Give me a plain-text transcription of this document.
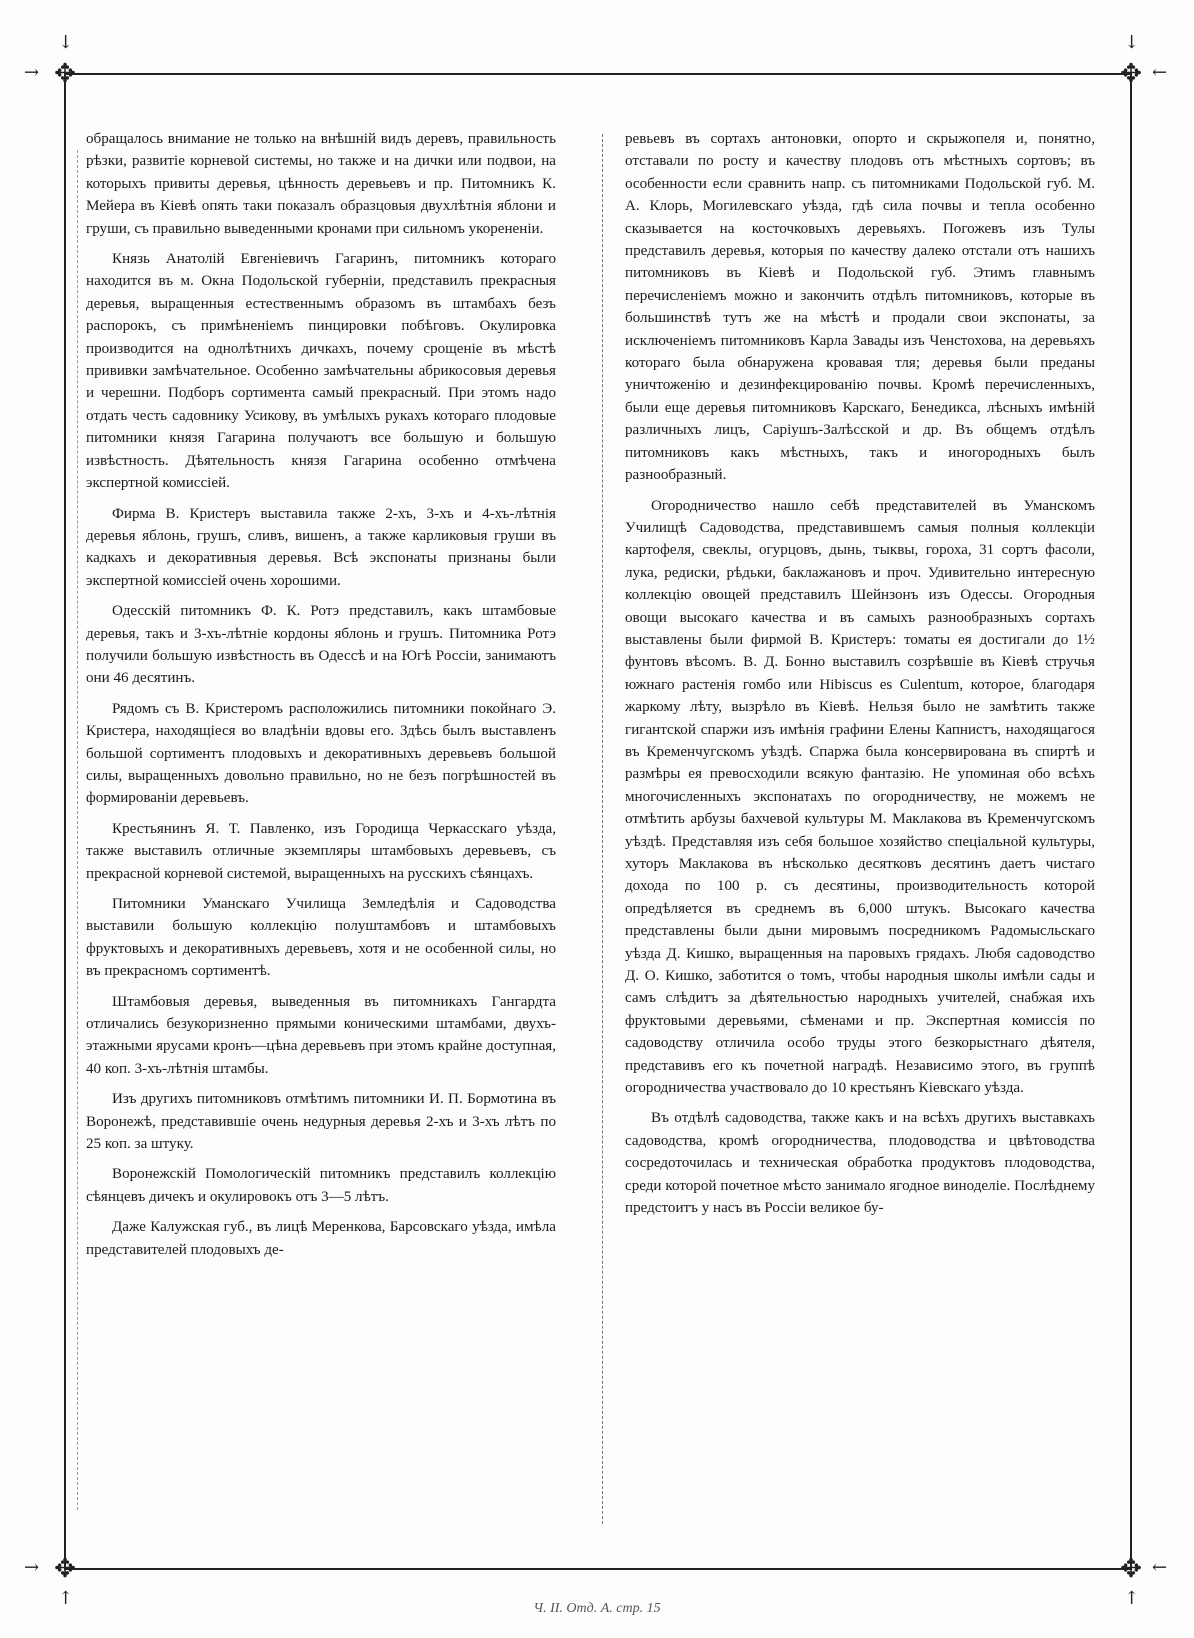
✥	✥
✥	✥
↓
→
↓
←
↑
→
↑
←

обращалось внимание не только на внѣшній видъ деревъ, правильность рѣзки, развитіе корневой системы, но также и на дички или подвои, на которыхъ привиты деревья, цѣнность деревьевъ и пр. Питомникъ К. Мейера въ Кіевѣ опять таки показалъ образцовыя двухлѣтнія яблони и груши, съ правильно выведенными кронами при сильномъ укорененіи.

Князь Анатолій Евгеніевичъ Гагаринъ, питомникъ котораго находится въ м. Окна Подольской губерніи, представилъ прекрасныя деревья, выращенныя естественнымъ образомъ въ штамбахъ безъ распорокъ, съ примѣненіемъ пинцировки побѣговъ. Окулировка производится на однолѣтнихъ дичкахъ, почему срощеніе въ мѣстѣ прививки замѣчательное. Особенно замѣчательны абрикосовыя деревья и черешни. Подборъ сортимента самый прекрасный. При этомъ надо отдать честь садовнику Усикову, въ умѣлыхъ рукахъ котораго плодовые питомники князя Гагарина получаютъ все большую и большую извѣстность. Дѣятельность князя Гагарина особенно отмѣчена экспертной комиссіей.

Фирма В. Кристеръ выставила также 2-хъ, 3-хъ и 4-хъ-лѣтнія деревья яблонь, грушъ, сливъ, вишенъ, а также карликовыя груши въ кадкахъ и декоративныя деревья. Всѣ экспонаты признаны были экспертной комиссіей очень хорошими.

Одесскій питомникъ Ф. К. Ротэ представилъ, какъ штамбовые деревья, такъ и 3-хъ-лѣтніе кордоны яблонь и грушъ. Питомника Ротэ получили большую извѣстность въ Одессѣ и на Югѣ Россіи, занимаютъ они 46 десятинъ.

Рядомъ съ В. Кристеромъ расположились питомники покойнаго Э. Кристера, находящіеся во владѣніи вдовы его. Здѣсь былъ выставленъ большой сортиментъ плодовыхъ и декоративныхъ деревьевъ большой силы, выращенныхъ довольно правильно, но не безъ погрѣшностей въ формированіи деревьевъ.

Крестьянинъ Я. Т. Павленко, изъ Городища Черкасскаго уѣзда, также выставилъ отличные экземпляры штамбовыхъ деревьевъ, съ прекрасной корневой системой, выращенныхъ на русскихъ сѣянцахъ.

Питомники Уманскаго Училища Земледѣлія и Садоводства выставили большую коллекцію полуштамбовъ и штамбовыхъ фруктовыхъ и декоративныхъ деревьевъ, хотя и не особенной силы, но въ прекрасномъ сортиментѣ.

Штамбовыя деревья, выведенныя въ питомникахъ Гангардта отличались безукоризненно прямыми коническими штамбами, двухъ-этажными ярусами кронъ—цѣна деревьевъ при этомъ крайне доступная, 40 коп. 3-хъ-лѣтнія штамбы.

Изъ другихъ питомниковъ отмѣтимъ питомники И. П. Бормотина въ Воронежѣ, представившіе очень недурныя деревья 2-хъ и 3-хъ лѣтъ по 25 коп. за штуку.

Воронежскій Помологическій питомникъ представилъ коллекцію сѣянцевъ дичекъ и окулировокъ отъ 3—5 лѣтъ.

Даже Калужская губ., въ лицѣ Меренкова, Барсовскаго уѣзда, имѣла представителей плодовыхъ де-

ревьевъ въ сортахъ антоновки, опорто и скрыжопеля и, понятно, отставали по росту и качеству плодовъ отъ мѣстныхъ сортовъ; въ особенности если сравнить напр. съ питомниками Подольской губ. М. А. Клорь, Могилевскаго уѣзда, гдѣ сила почвы и тепла особенно сказывается на косточковыхъ деревьяхъ. Погожевъ изъ Тулы представилъ деревья, которыя по качеству далеко отстали отъ нашихъ питомниковъ въ Кіевѣ и Подольской губ. Этимъ главнымъ перечисленіемъ можно и закончить отдѣлъ питомниковъ, которые въ большинствѣ тутъ же на мѣстѣ и продали свои экспонаты, за исключеніемъ питомниковъ Карла Завады изъ Ченстохова, на деревьяхъ котораго была обнаружена кровавая тля; деревья были преданы уничтоженію и дезинфекцированію почвы. Кромѣ перечисленныхъ, были еще деревья питомниковъ Карскаго, Бенедикса, лѣсныхъ имѣній различныхъ лицъ, Саріушъ-Залѣсской и др. Въ общемъ отдѣлъ питомниковъ какъ мѣстныхъ, такъ и иногородныхъ былъ разнообразный.

Огородничество нашло себѣ представителей въ Уманскомъ Училищѣ Садоводства, представившемъ самыя полныя коллекціи картофеля, свеклы, огурцовъ, дынь, тыквы, гороха, 31 сортъ фасоли, лука, редиски, рѣдьки, баклажановъ и проч. Удивительно интересную коллекцію овощей представилъ Шейнзонъ изъ Одессы. Огородныя овощи высокаго качества и въ самыхъ разнообразныхъ сортахъ выставлены были фирмой В. Кристеръ: томаты ея достигали до 1½ фунтовъ вѣсомъ. В. Д. Бонно выставилъ созрѣвшіе въ Кіевѣ стручья южнаго растенія гомбо или Hibiscus es Culentum, которое, благодаря жаркому лѣту, вызрѣло въ Кіевѣ. Нельзя было не замѣтить также гигантской спаржи изъ имѣнія графини Елены Капнистъ, находящагося въ Кременчугскомъ уѣздѣ. Спаржа была консервирована въ спиртѣ и размѣры ея превосходили всякую фантазію. Не упоминая обо всѣхъ многочисленныхъ экспонатахъ по огородничеству, не можемъ не отмѣтить арбузы бахчевой культуры М. Маклакова въ Кременчугскомъ уѣздѣ. Представляя изъ себя большое хозяйство спеціальной культуры, хуторъ Маклакова въ нѣсколько десятковъ десятинъ даетъ чистаго дохода по 100 р. съ десятины, производительность которой опредѣляется въ среднемъ въ 6,000 штукъ. Высокаго качества представлены были дыни мировымъ посредникомъ Радомысльскаго уѣзда Д. Кишко, выращенныя на паровыхъ грядахъ. Любя садоводство Д. О. Кишко, заботится о томъ, чтобы народныя школы имѣли сады и самъ слѣдитъ за дѣятельностью народныхъ учителей, снабжая ихъ фруктовыми деревьями, сѣменами и пр. Экспертная комиссія по садоводству отличила особо труды этого безкорыстнаго дѣятеля, представивъ его къ почетной наградѣ. Независимо этого, въ группѣ огородничества участвовало до 10 крестьянъ Кіевскаго уѣзда.

Въ отдѣлѣ садоводства, также какъ и на всѣхъ другихъ выставкахъ садоводства, кромѣ огородничества, плодоводства и цвѣтоводства сосредоточилась и техническая обработка продуктовъ плодоводства, среди которой почетное мѣсто занимало ягодное виноделіе. Послѣднему предстоитъ у насъ въ Россіи великое бу-

Ч. II. Отд. А. стр. 15
